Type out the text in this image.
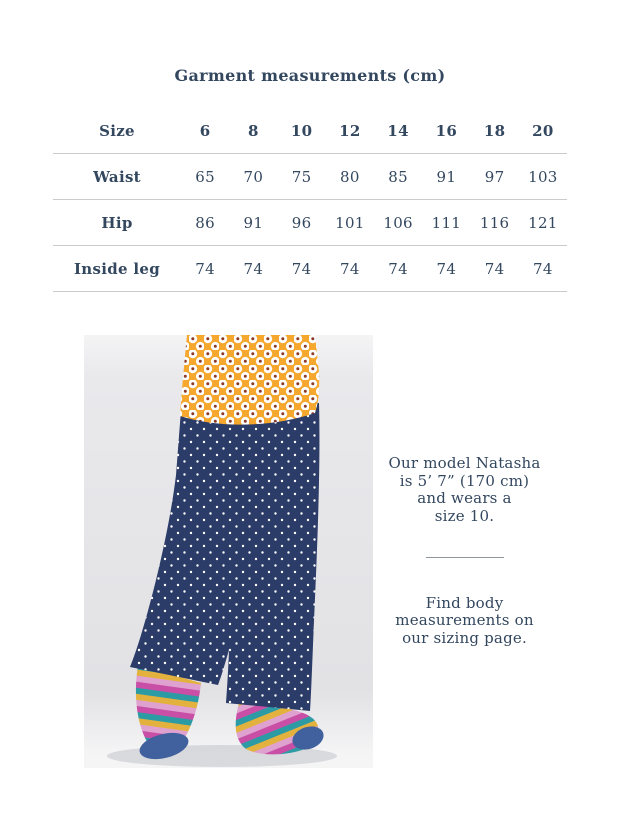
Garment measurements (cm)
Size	6	8	10	12	14	16	18	20
Waist	65	70	75	80	85	91	97	103
Hip	86	91	96	101	106	111	116	121
Inside leg	74	74	74	74	74	74	74	74
Our model Natasha
is 5’ 7” (170 cm)
and wears a
size 10.
Find body
measurements on
our sizing page.
